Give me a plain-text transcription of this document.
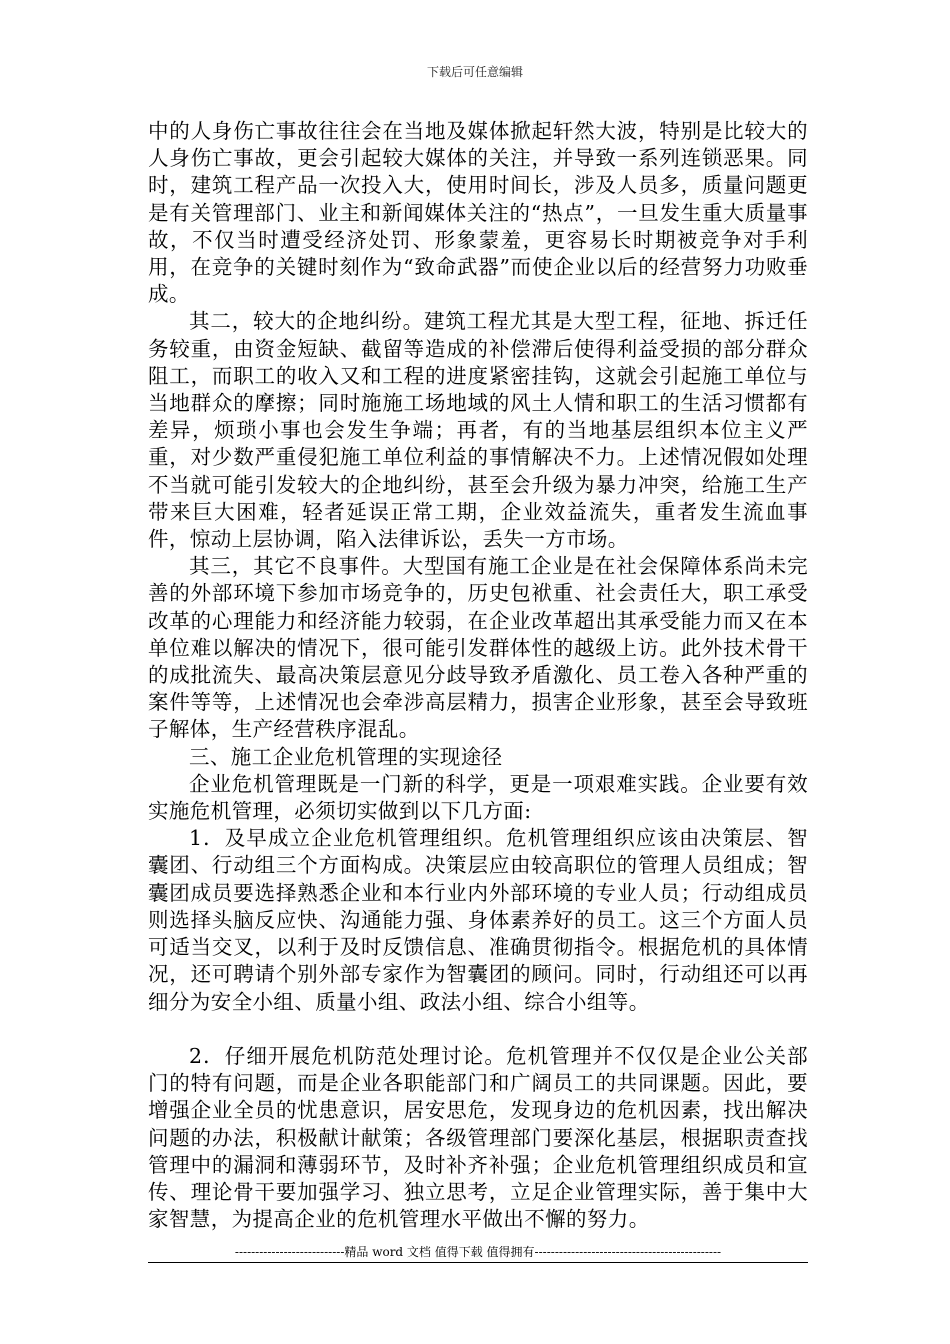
下载后可任意编辑

中的人身伤亡事故往往会在当地及媒体掀起轩然大波，特别是比较大的人身伤亡事故，更会引起较大媒体的关注，并导致一系列连锁恶果。同时，建筑工程产品一次投入大，使用时间长，涉及人员多，质量问题更是有关管理部门、业主和新闻媒体关注的“热点”，一旦发生重大质量事故，不仅当时遭受经济处罚、形象蒙羞，更容易长时期被竞争对手利用，在竞争的关键时刻作为“致命武器”而使企业以后的经营努力功败垂成。

其二，较大的企地纠纷。建筑工程尤其是大型工程，征地、拆迁任务较重，由资金短缺、截留等造成的补偿滞后使得利益受损的部分群众阻工，而职工的收入又和工程的进度紧密挂钩，这就会引起施工单位与当地群众的摩擦；同时施施工场地域的风土人情和职工的生活习惯都有差异，烦琐小事也会发生争端；再者，有的当地基层组织本位主义严重，对少数严重侵犯施工单位利益的事情解决不力。上述情况假如处理不当就可能引发较大的企地纠纷，甚至会升级为暴力冲突，给施工生产带来巨大困难，轻者延误正常工期，企业效益流失，重者发生流血事件，惊动上层协调，陷入法律诉讼，丢失一方市场。

其三，其它不良事件。大型国有施工企业是在社会保障体系尚未完善的外部环境下参加市场竞争的，历史包袱重、社会责任大，职工承受改革的心理能力和经济能力较弱，在企业改革超出其承受能力而又在本单位难以解决的情况下，很可能引发群体性的越级上访。此外技术骨干的成批流失、最高决策层意见分歧导致矛盾激化、员工卷入各种严重的案件等等，上述情况也会牵涉高层精力，损害企业形象，甚至会导致班子解体，生产经营秩序混乱。

三、施工企业危机管理的实现途径

企业危机管理既是一门新的科学，更是一项艰难实践。企业要有效实施危机管理，必须切实做到以下几方面:

1．及早成立企业危机管理组织。危机管理组织应该由决策层、智囊团、行动组三个方面构成。决策层应由较高职位的管理人员组成；智囊团成员要选择熟悉企业和本行业内外部环境的专业人员；行动组成员则选择头脑反应快、沟通能力强、身体素养好的员工。这三个方面人员可适当交叉，以利于及时反馈信息、准确贯彻指令。根据危机的具体情况，还可聘请个别外部专家作为智囊团的顾问。同时，行动组还可以再细分为安全小组、质量小组、政法小组、综合小组等。

2．仔细开展危机防范处理讨论。危机管理并不仅仅是企业公关部门的特有问题，而是企业各职能部门和广阔员工的共同课题。因此，要增强企业全员的忧患意识，居安思危，发现身边的危机因素，找出解决问题的办法，积极献计献策；各级管理部门要深化基层，根据职责查找管理中的漏洞和薄弱环节，及时补齐补强；企业危机管理组织成员和宣传、理论骨干要加强学习、独立思考，立足企业管理实际，善于集中大家智慧，为提高企业的危机管理水平做出不懈的努力。

---------------------------精品 word 文档 值得下载 值得拥有----------------------------------------------
